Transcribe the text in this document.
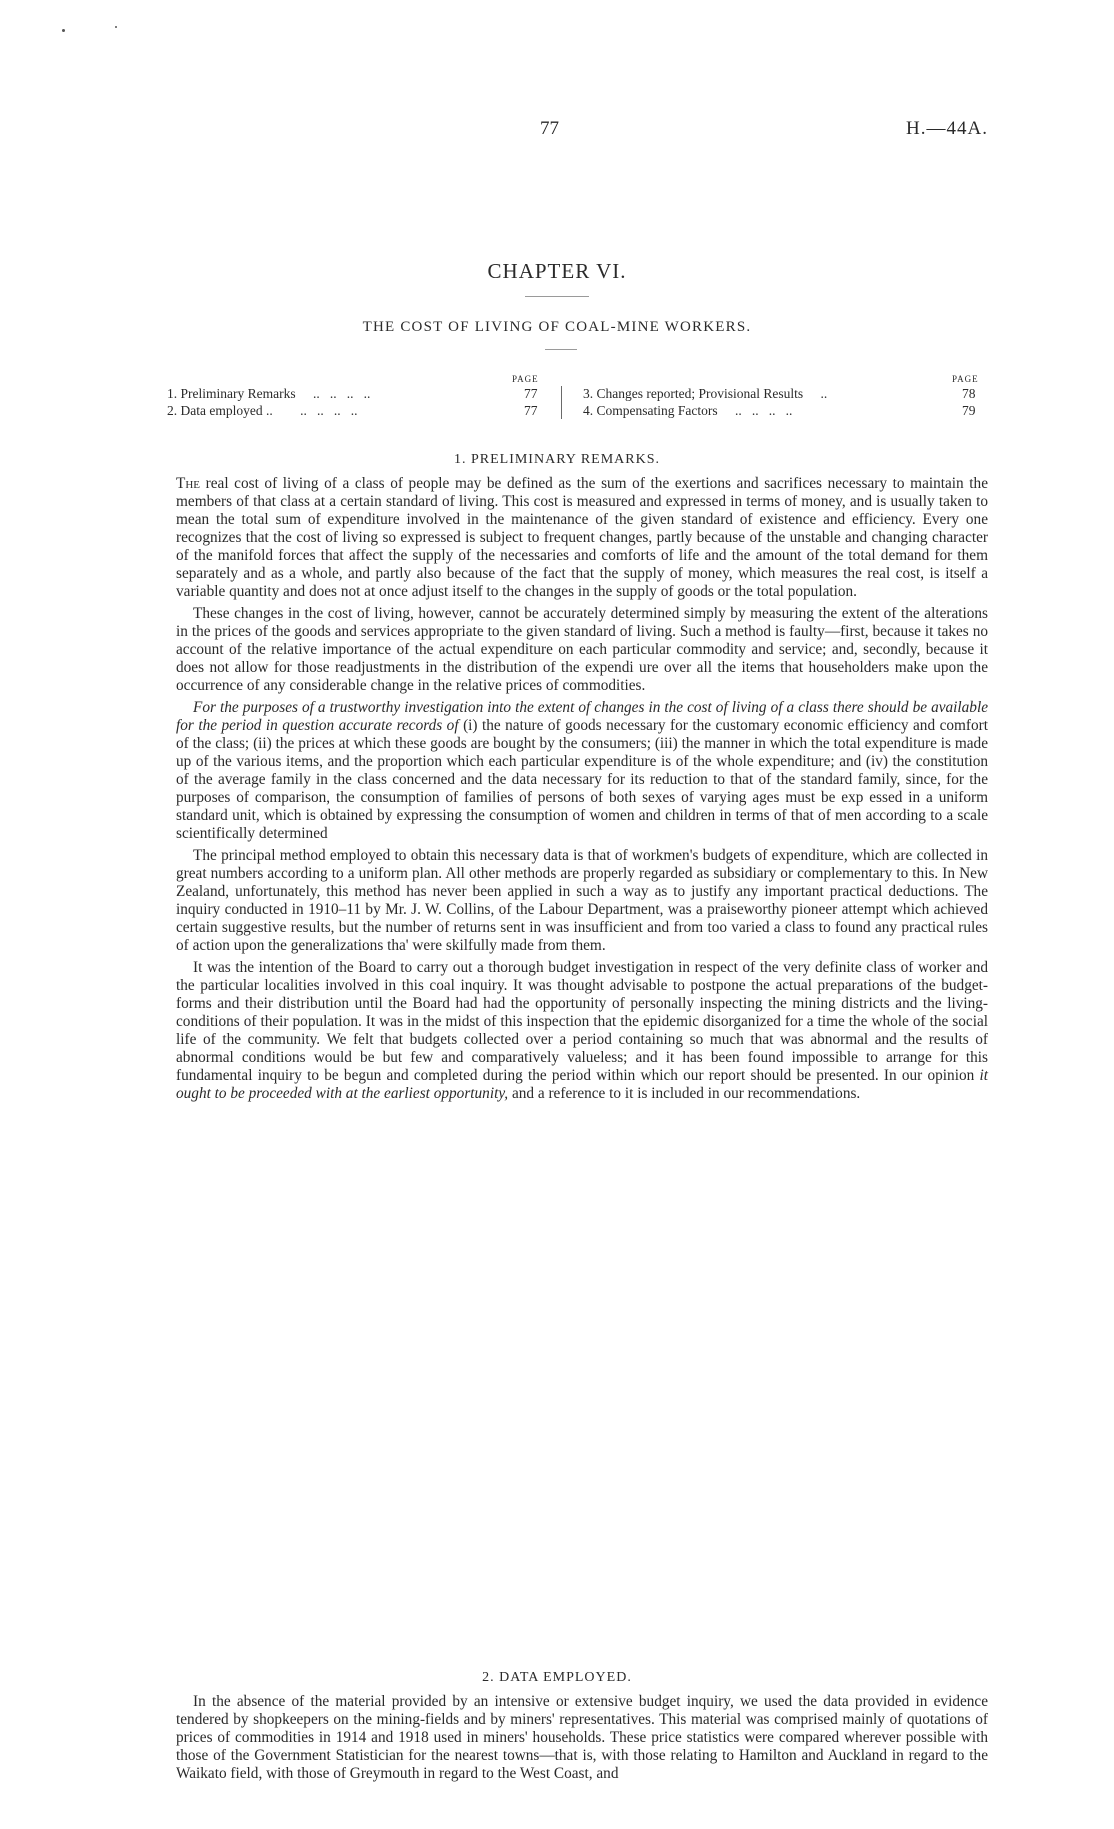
77	H.—44A.
CHAPTER VI.
THE COST OF LIVING OF COAL-MINE WORKERS.
PAGE	PAGE
1. Preliminary Remarks ..   ..   ..   ..	77
2. Data employed .. ..   ..   ..   ..	77
3. Changes reported; Provisional Results ..	78
4. Compensating Factors ..   ..   ..   ..	79
1. PRELIMINARY REMARKS.

The real cost of living of a class of people may be defined as the sum of the exertions and sacrifices necessary to maintain the members of that class at a certain standard of living. This cost is measured and expressed in terms of money, and is usually taken to mean the total sum of expenditure involved in the maintenance of the given standard of existence and efficiency. Every one recognizes that the cost of living so expressed is subject to frequent changes, partly because of the unstable and changing character of the manifold forces that affect the supply of the necessaries and comforts of life and the amount of the total demand for them separately and as a whole, and partly also because of the fact that the supply of money, which measures the real cost, is itself a variable quantity and does not at once adjust itself to the changes in the supply of goods or the total population.

These changes in the cost of living, however, cannot be accurately determined simply by measuring the extent of the alterations in the prices of the goods and services appropriate to the given standard of living. Such a method is faulty—first, because it takes no account of the relative importance of the actual expenditure on each particular commodity and service; and, secondly, because it does not allow for those readjustments in the distribution of the expendi ure over all the items that householders make upon the occurrence of any considerable change in the relative prices of commodities.

For the purposes of a trustworthy investigation into the extent of changes in the cost of living of a class there should be available for the period in question accurate records of (i) the nature of goods necessary for the customary economic efficiency and comfort of the class; (ii) the prices at which these goods are bought by the consumers; (iii) the manner in which the total expenditure is made up of the various items, and the proportion which each particular expenditure is of the whole expenditure; and (iv) the constitution of the average family in the class concerned and the data necessary for its reduction to that of the standard family, since, for the purposes of comparison, the consumption of families of persons of both sexes of varying ages must be exp essed in a uniform standard unit, which is obtained by expressing the consumption of women and children in terms of that of men according to a scale scientifically determined

The principal method employed to obtain this necessary data is that of workmen's budgets of expenditure, which are collected in great numbers according to a uniform plan. All other methods are properly regarded as subsidiary or complementary to this. In New Zealand, unfortunately, this method has never been applied in such a way as to justify any important practical deductions. The inquiry conducted in 1910–11 by Mr. J. W. Collins, of the Labour Department, was a praiseworthy pioneer attempt which achieved certain suggestive results, but the number of returns sent in was insufficient and from too varied a class to found any practical rules of action upon the generalizations tha' were skilfully made from them.

It was the intention of the Board to carry out a thorough budget investigation in respect of the very definite class of worker and the particular localities involved in this coal inquiry. It was thought advisable to postpone the actual preparations of the budget-forms and their distribution until the Board had had the opportunity of personally inspecting the mining districts and the living-conditions of their population. It was in the midst of this inspection that the epidemic disorganized for a time the whole of the social life of the community. We felt that budgets collected over a period containing so much that was abnormal and the results of abnormal conditions would be but few and comparatively valueless; and it has been found impossible to arrange for this fundamental inquiry to be begun and completed during the period within which our report should be presented. In our opinion it ought to be proceeded with at the earliest opportunity, and a reference to it is included in our recommendations.

2. DATA EMPLOYED.

In the absence of the material provided by an intensive or extensive budget inquiry, we used the data provided in evidence tendered by shopkeepers on the mining-fields and by miners' representatives. This material was comprised mainly of quotations of prices of commodities in 1914 and 1918 used in miners' households. These price statistics were compared wherever possible with those of the Government Statistician for the nearest towns—that is, with those relating to Hamilton and Auckland in regard to the Waikato field, with those of Greymouth in regard to the West Coast, and
